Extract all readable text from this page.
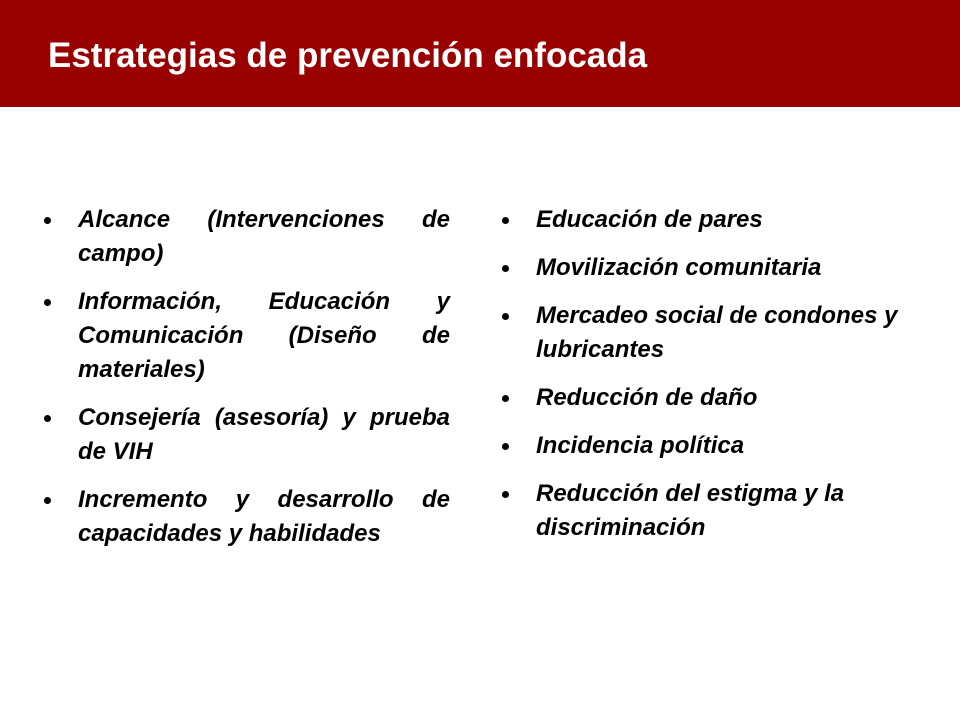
Estrategias de prevención enfocada
Alcance (Intervenciones de campo)
Información, Educación y Comunicación (Diseño de materiales)
Consejería (asesoría) y prueba de VIH
Incremento y desarrollo de capacidades y habilidades
Educación de pares
Movilización comunitaria
Mercadeo social de condones y lubricantes
Reducción de daño
Incidencia política
Reducción del estigma y la discriminación
